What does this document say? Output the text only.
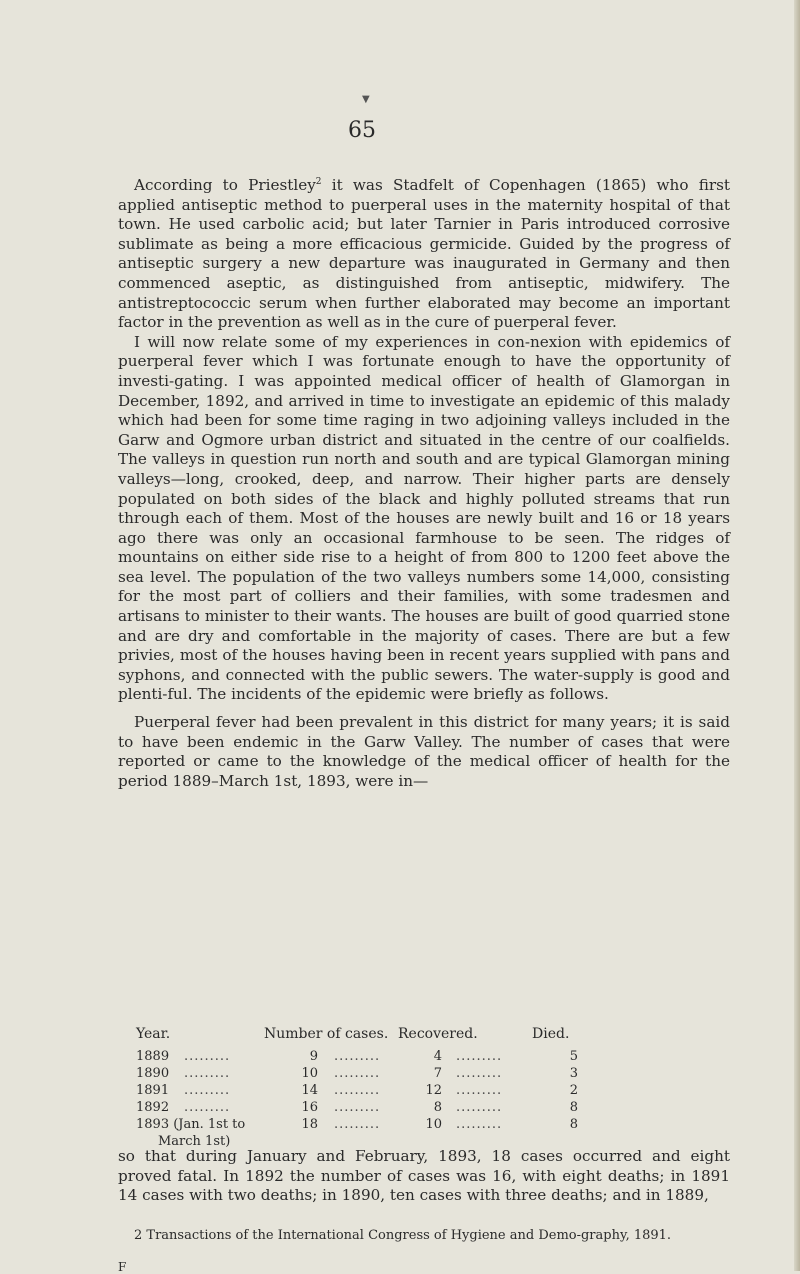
▼
65

According to Priestley$^2$ it was Stadfelt of Copenhagen (1865) who first applied antiseptic method to puerperal uses in the maternity hospital of that town. He used carbolic acid; but later Tarnier in Paris introduced corrosive sublimate as being a more efficacious germicide. Guided by the progress of antiseptic surgery a new departure was inaugurated in Germany and then commenced aseptic, as distinguished from antiseptic, midwifery. The antistreptococcic serum when further elaborated may become an important factor in the prevention as well as in the cure of puerperal fever.

I will now relate some of my experiences in con-nexion with epidemics of puerperal fever which I was fortunate enough to have the opportunity of investi-gating. I was appointed medical officer of health of Glamorgan in December, 1892, and arrived in time to investigate an epidemic of this malady which had been for some time raging in two adjoining valleys included in the Garw and Ogmore urban district and situated in the centre of our coalfields. The valleys in question run north and south and are typical Glamorgan mining valleys—long, crooked, deep, and narrow. Their higher parts are densely populated on both sides of the black and highly polluted streams that run through each of them. Most of the houses are newly built and 16 or 18 years ago there was only an occasional farmhouse to be seen. The ridges of mountains on either side rise to a height of from 800 to 1200 feet above the sea level. The population of the two valleys numbers some 14,000, consisting for the most part of colliers and their families, with some tradesmen and artisans to minister to their wants. The houses are built of good quarried stone and are dry and comfortable in the majority of cases. There are but a few privies, most of the houses having been in recent years supplied with pans and syphons, and connected with the public sewers. The water-supply is good and plenti-ful. The incidents of the epidemic were briefly as follows.

Puerperal fever had been prevalent in this district for many years; it is said to have been endemic in the Garw Valley. The number of cases that were reported or came to the knowledge of the medical officer of health for the period 1889–March 1st, 1893, were in—

Year.	Number of cases. Recovered.	Died.
1889 .........	9 .........	4 .........	5
1890 .........	10 .........	7 .........	3
1891 .........	14 .........	12 .........	2
1892 .........	16 .........	8 .........	8
1893 (Jan. 1st to	18 .........	10 .........	8
March 1st)

so that during January and February, 1893, 18 cases occurred and eight proved fatal. In 1892 the number of cases was 16, with eight deaths; in 1891 14 cases with two deaths; in 1890, ten cases with three deaths; and in 1889,

2 Transactions of the International Congress of Hygiene and Demo-graphy, 1891.

F
